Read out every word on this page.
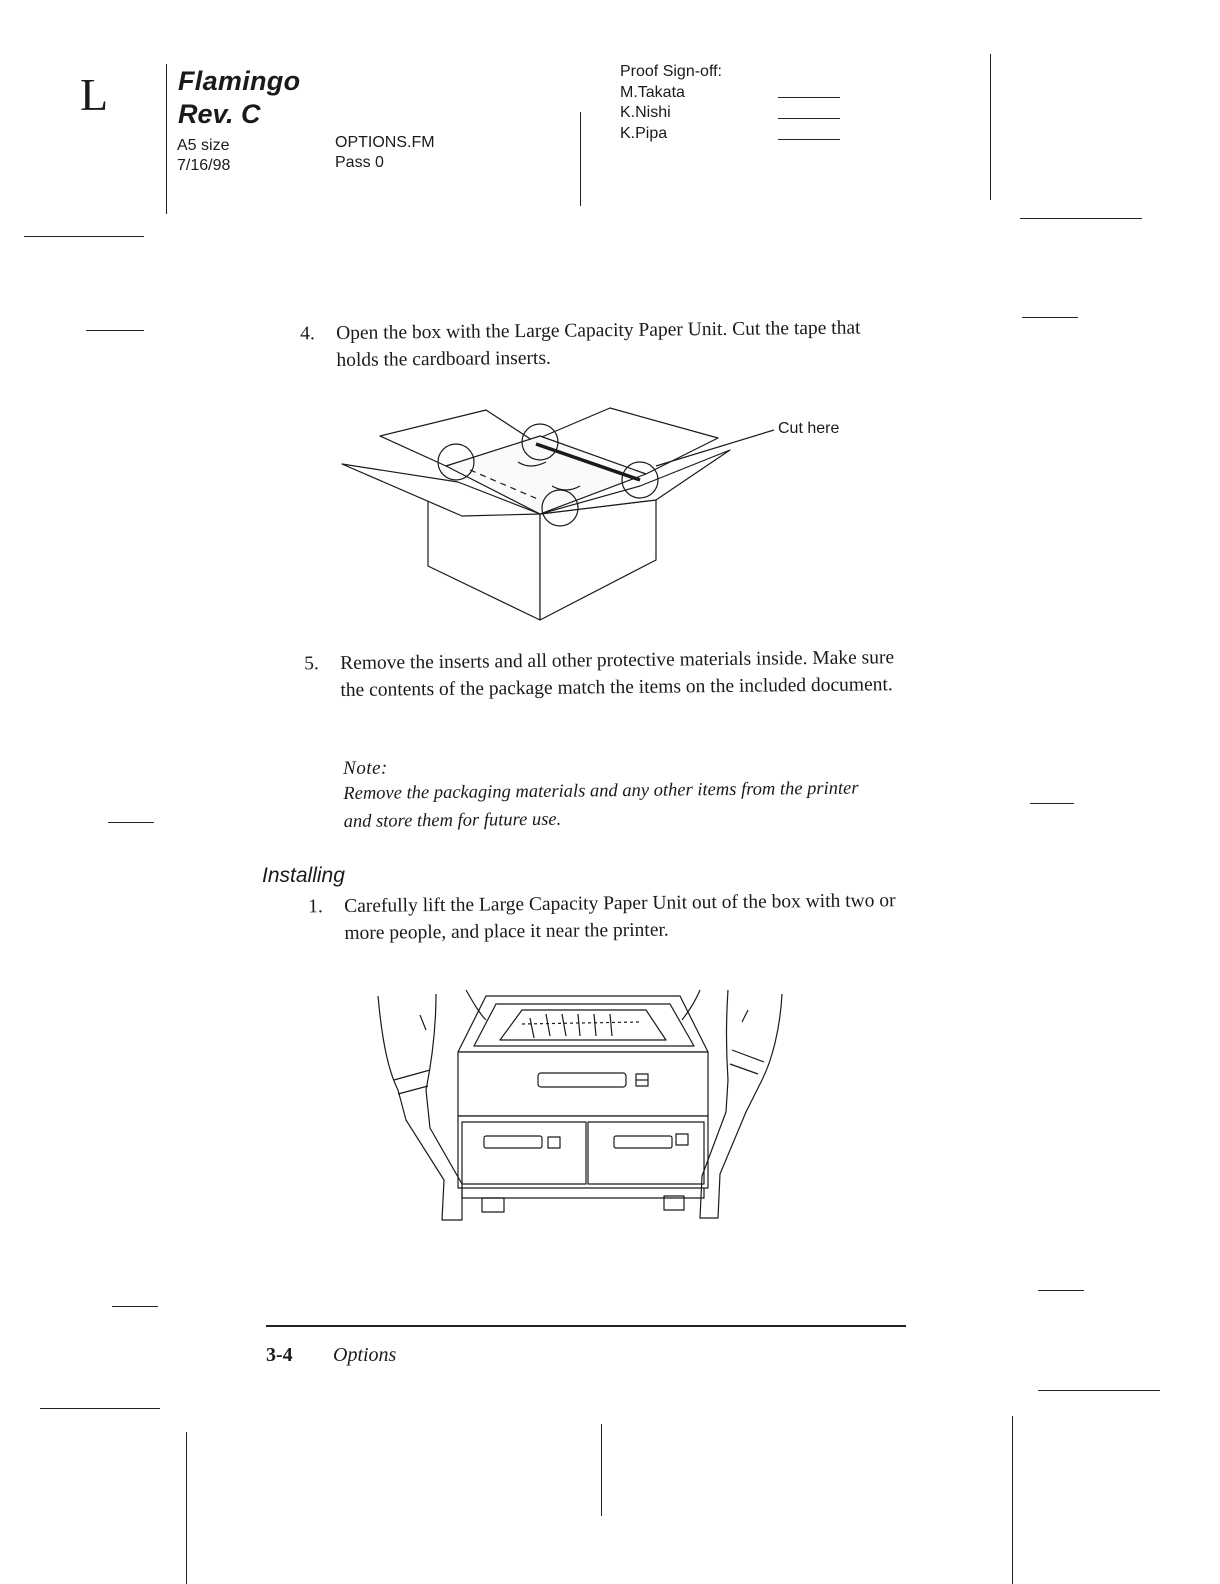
L	Flamingo
Rev. C
A5 size
7/16/98
OPTIONS.FM
Pass 0
Proof Sign-off:
M.Takata
K.Nishi
K.Pipa
4. Open the box with the Large Capacity Paper Unit. Cut the tape that holds the cardboard inserts.
Cut here
5. Remove the inserts and all other protective materials inside. Make sure the contents of the package match the items on the included document.
Note:
Remove the packaging materials and any other items from the printer and store them for future use.
Installing
1. Carefully lift the Large Capacity Paper Unit out of the box with two or more people, and place it near the printer.
3-4 Options
